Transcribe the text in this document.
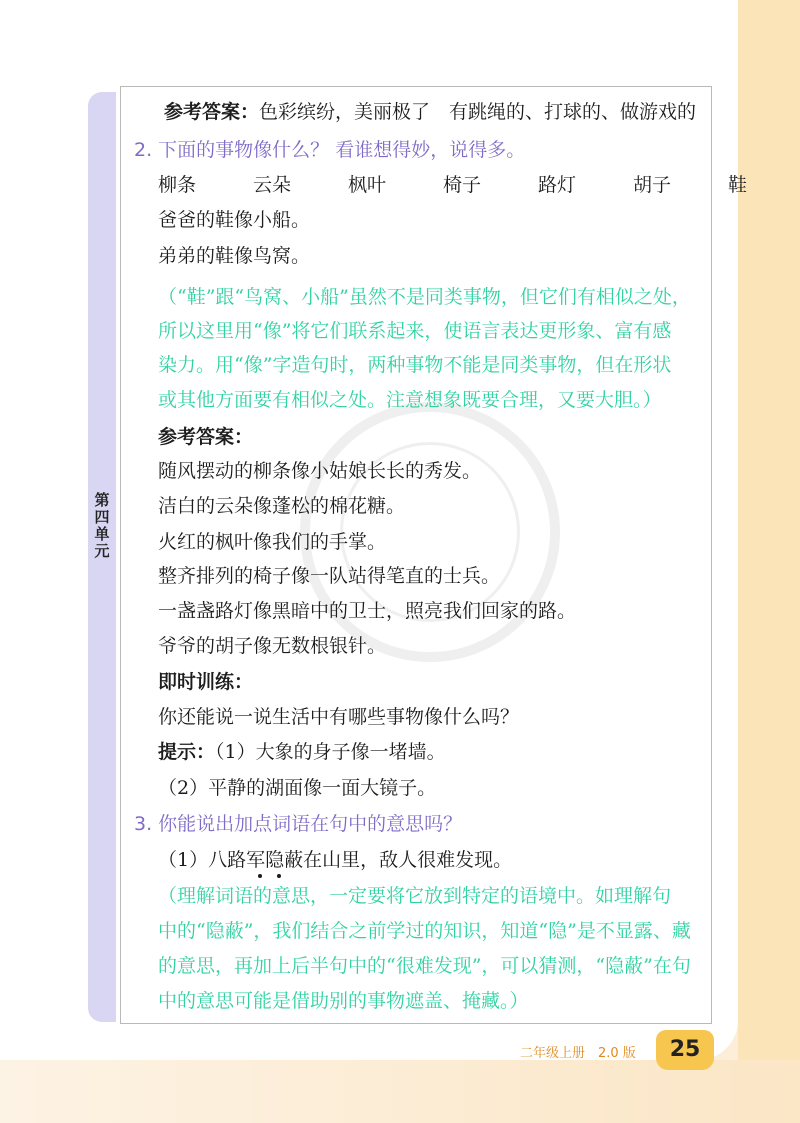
第四单元
参考答案：色彩缤纷，美丽极了　有跳绳的、打球的、做游戏的
2. 下面的事物像什么？ 看谁想得妙，说得多。
柳条　　　云朵　　　枫叶　　　椅子　　　路灯　　　胡子　　　鞋
爸爸的鞋像小船。
弟弟的鞋像鸟窝。
（“鞋”跟“鸟窝、小船”虽然不是同类事物，但它们有相似之处，
所以这里用“像”将它们联系起来，使语言表达更形象、富有感
染力。用“像”字造句时，两种事物不能是同类事物，但在形状
或其他方面要有相似之处。注意想象既要合理，又要大胆。）
参考答案：
随风摆动的柳条像小姑娘长长的秀发。
洁白的云朵像蓬松的棉花糖。
火红的枫叶像我们的手掌。
整齐排列的椅子像一队站得笔直的士兵。
一盏盏路灯像黑暗中的卫士，照亮我们回家的路。
爷爷的胡子像无数根银针。
即时训练：
你还能说一说生活中有哪些事物像什么吗？
提示：（1）大象的身子像一堵墙。
（2）平静的湖面像一面大镜子。
3. 你能说出加点词语在句中的意思吗？
（1）八路军隐蔽在山里，敌人很难发现。
（理解词语的意思，一定要将它放到特定的语境中。如理解句
中的“隐蔽”，我们结合之前学过的知识，知道“隐”是不显露、藏
的意思，再加上后半句中的“很难发现”，可以猜测，“隐蔽”在句
中的意思可能是借助别的事物遮盖、掩藏。）
二年级上册　2.0 版	25
